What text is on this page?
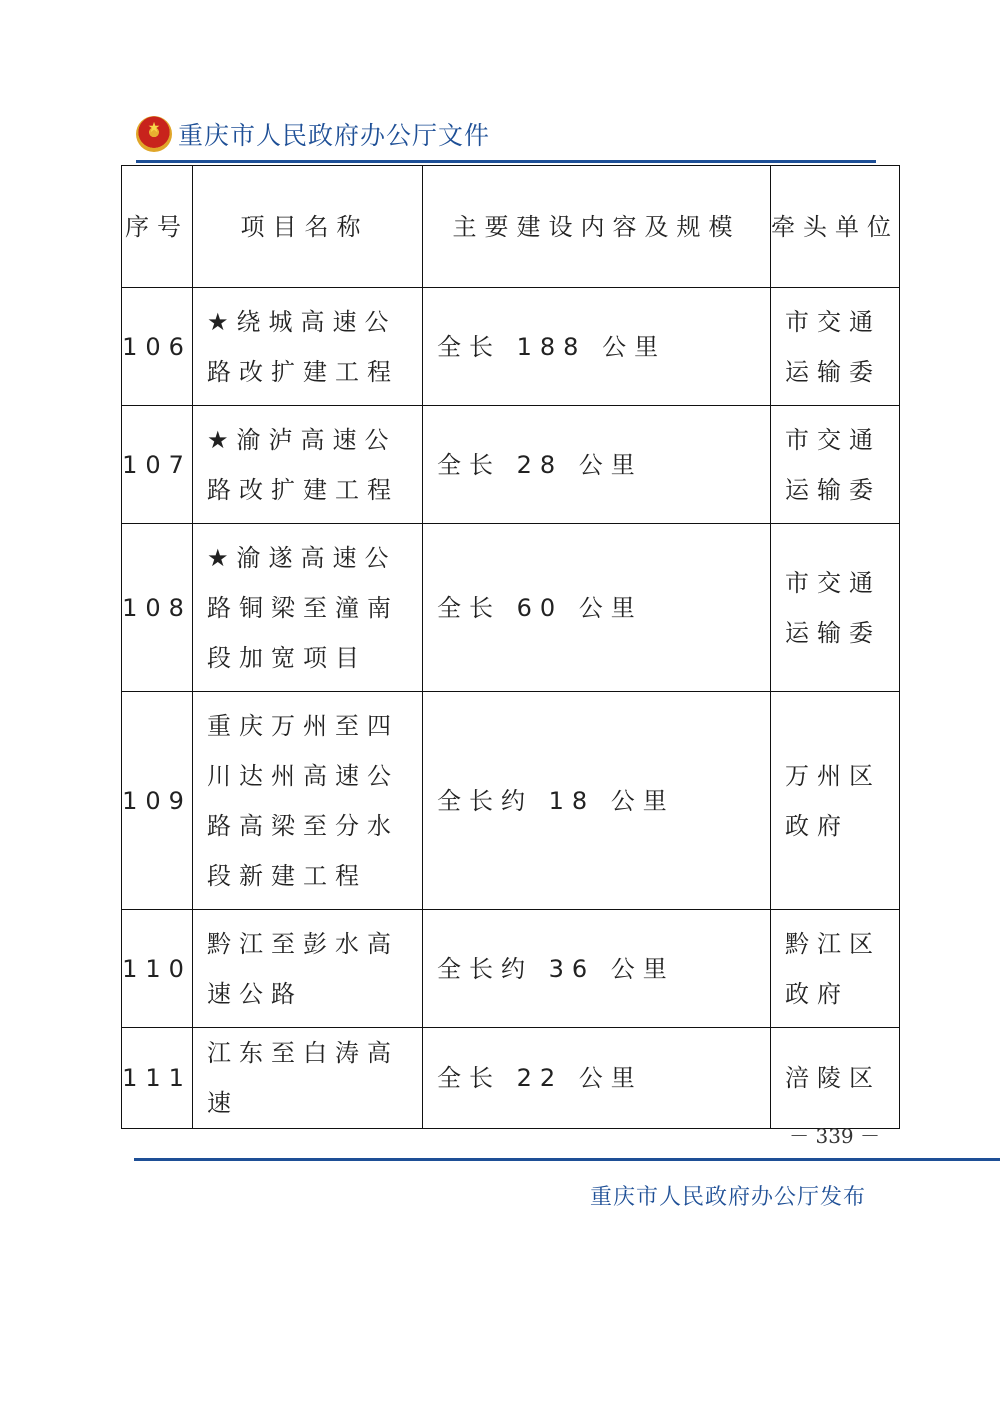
★
重庆市人民政府办公厅文件
序号	项目名称	主要建设内容及规模	牵头单位
106	★绕城高速公路改扩建工程	全长 188 公里	市交通运输委
107	★渝泸高速公路改扩建工程	全长 28 公里	市交通运输委
108	★渝遂高速公路铜梁至潼南段加宽项目	全长 60 公里	市交通运输委
109	重庆万州至四川达州高速公路高梁至分水段新建工程	全长约 18 公里	万州区政府
110	黔江至彭水高速公路	全长约 36 公里	黔江区政府
111	江东至白涛高速	全长 22 公里	涪陵区
－ 339 －
重庆市人民政府办公厅发布
